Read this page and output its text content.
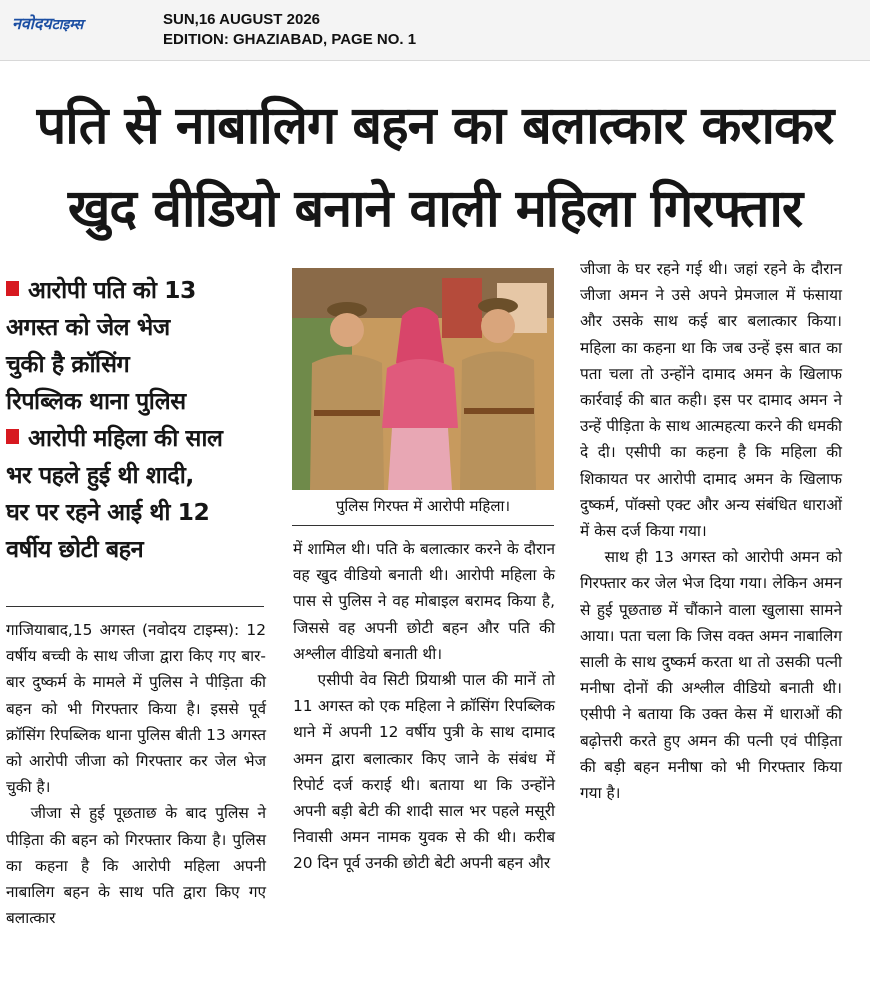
नवोदयटाइम्स	SUN,16 AUGUST 2026
EDITION: GHAZIABAD, PAGE NO. 1
पति से नाबालिग बहन का बलात्कार कराकर
खुद वीडियो बनाने वाली महिला गिरफ्तार
आरोपी पति को 13
अगस्त को जेल भेज
चुकी है क्रॉसिंग
रिपब्लिक थाना पुलिस
आरोपी महिला की साल
भर पहले हुई थी शादी,
घर पर रहने आई थी 12
वर्षीय छोटी बहन

गाजियाबाद,15 अगस्त (नवोदय टाइम्स): 12 वर्षीय बच्ची के साथ जीजा द्वारा किए गए बार-बार दुष्कर्म के मामले में पुलिस ने पीड़िता की बहन को भी गिरफ्तार किया है। इससे पूर्व क्रॉसिंग रिपब्लिक थाना पुलिस बीती 13 अगस्त को आरोपी जीजा को गिरफ्तार कर जेल भेज चुकी है।

जीजा से हुई पूछताछ के बाद पुलिस ने पीड़िता की बहन को गिरफ्तार किया है। पुलिस का कहना है कि आरोपी महिला अपनी नाबालिग बहन के साथ पति द्वारा किए गए बलात्कार

पुलिस गिरफ्त में आरोपी महिला।

में शामिल थी। पति के बलात्कार करने के दौरान वह खुद वीडियो बनाती थी। आरोपी महिला के पास से पुलिस ने वह मोबाइल बरामद किया है, जिससे वह अपनी छोटी बहन और पति की अश्लील वीडियो बनाती थी।

एसीपी वेव सिटी प्रियाश्री पाल की मानें तो 11 अगस्त को एक महिला ने क्रॉसिंग रिपब्लिक थाने में अपनी 12 वर्षीय पुत्री के साथ दामाद अमन द्वारा बलात्कार किए जाने के संबंध में रिपोर्ट दर्ज कराई थी। बताया था कि उन्होंने अपनी बड़ी बेटी की शादी साल भर पहले मसूरी निवासी अमन नामक युवक से की थी। करीब 20 दिन पूर्व उनकी छोटी बेटी अपनी बहन और

जीजा के घर रहने गई थी। जहां रहने के दौरान जीजा अमन ने उसे अपने प्रेमजाल में फंसाया और उसके साथ कई बार बलात्कार किया। महिला का कहना था कि जब उन्हें इस बात का पता चला तो उन्होंने दामाद अमन के खिलाफ कार्रवाई की बात कही। इस पर दामाद अमन ने उन्हें पीड़िता के साथ आत्महत्या करने की धमकी दे दी। एसीपी का कहना है कि महिला की शिकायत पर आरोपी दामाद अमन के खिलाफ दुष्कर्म, पॉक्सो एक्ट और अन्य संबंधित धाराओं में केस दर्ज किया गया।

साथ ही 13 अगस्त को आरोपी अमन को गिरफ्तार कर जेल भेज दिया गया। लेकिन अमन से हुई पूछताछ में चौंकाने वाला खुलासा सामने आया। पता चला कि जिस वक्त अमन नाबालिग साली के साथ दुष्कर्म करता था तो उसकी पत्नी मनीषा दोनों की अश्लील वीडियो बनाती थी। एसीपी ने बताया कि उक्त केस में धाराओं की बढ़ोत्तरी करते हुए अमन की पत्नी एवं पीड़िता की बड़ी बहन मनीषा को भी गिरफ्तार किया गया है।
